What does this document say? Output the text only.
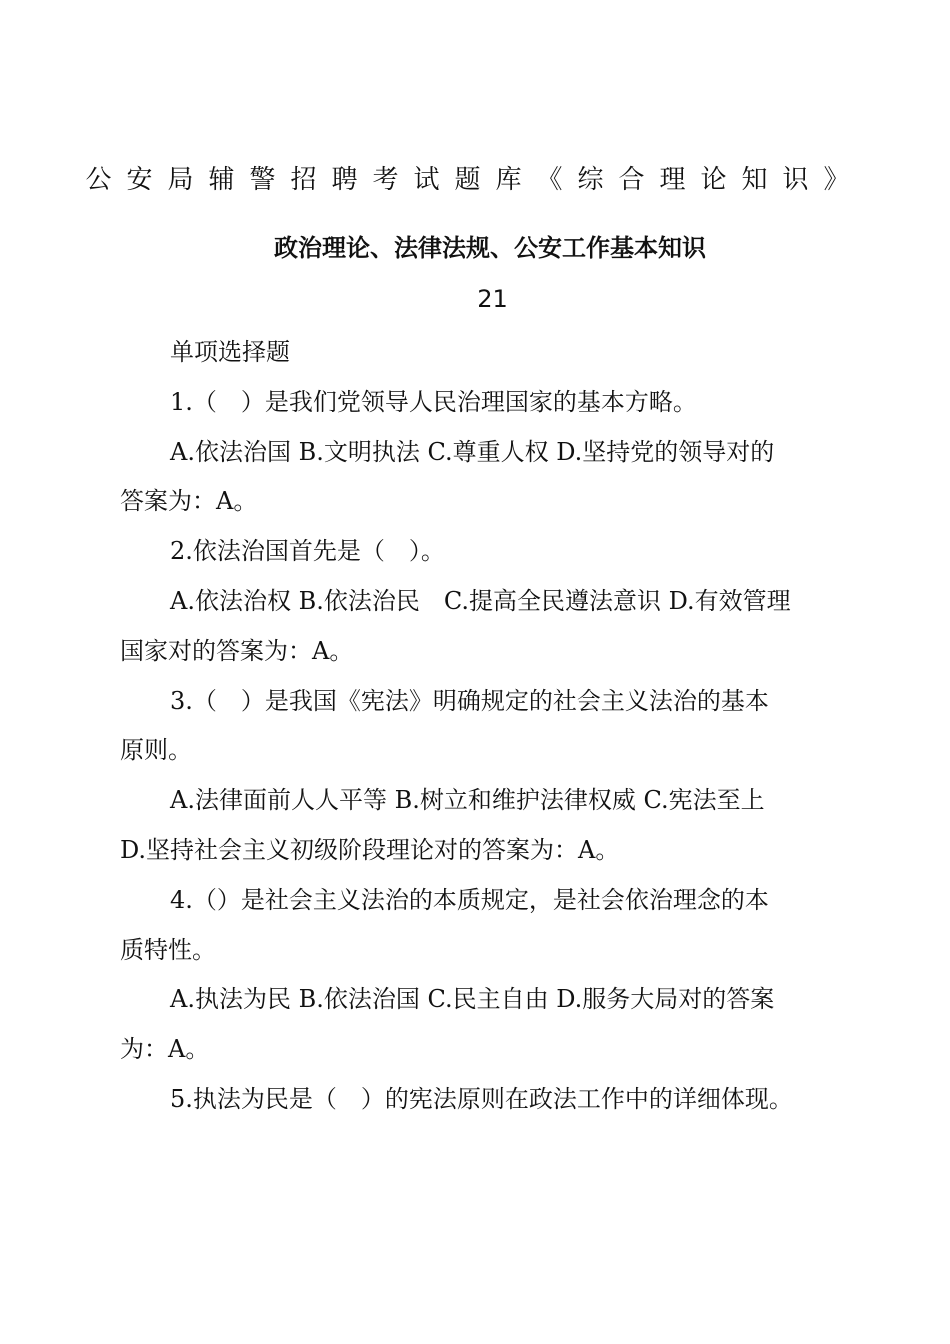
公安局辅警招聘考试题库《综合理论知识》
政治理论、法律法规、公安工作基本知识
21
单项选择题
1.（　）是我们党领导人民治理国家的基本方略。
A.依法治国 B.文明执法 C.尊重人权 D.坚持党的领导对的
答案为：A。
2.依法治国首先是（　）。
A.依法治权 B.依法治民　C.提高全民遵法意识 D.有效管理
国家对的答案为：A。
3.（　）是我国《宪法》明确规定的社会主义法治的基本
原则。
A.法律面前人人平等 B.树立和维护法律权威 C.宪法至上
D.坚持社会主义初级阶段理论对的答案为：A。
4.（）是社会主义法治的本质规定，是社会依治理念的本
质特性。
A.执法为民 B.依法治国 C.民主自由 D.服务大局对的答案
为：A。
5.执法为民是（　）的宪法原则在政法工作中的详细体现。
